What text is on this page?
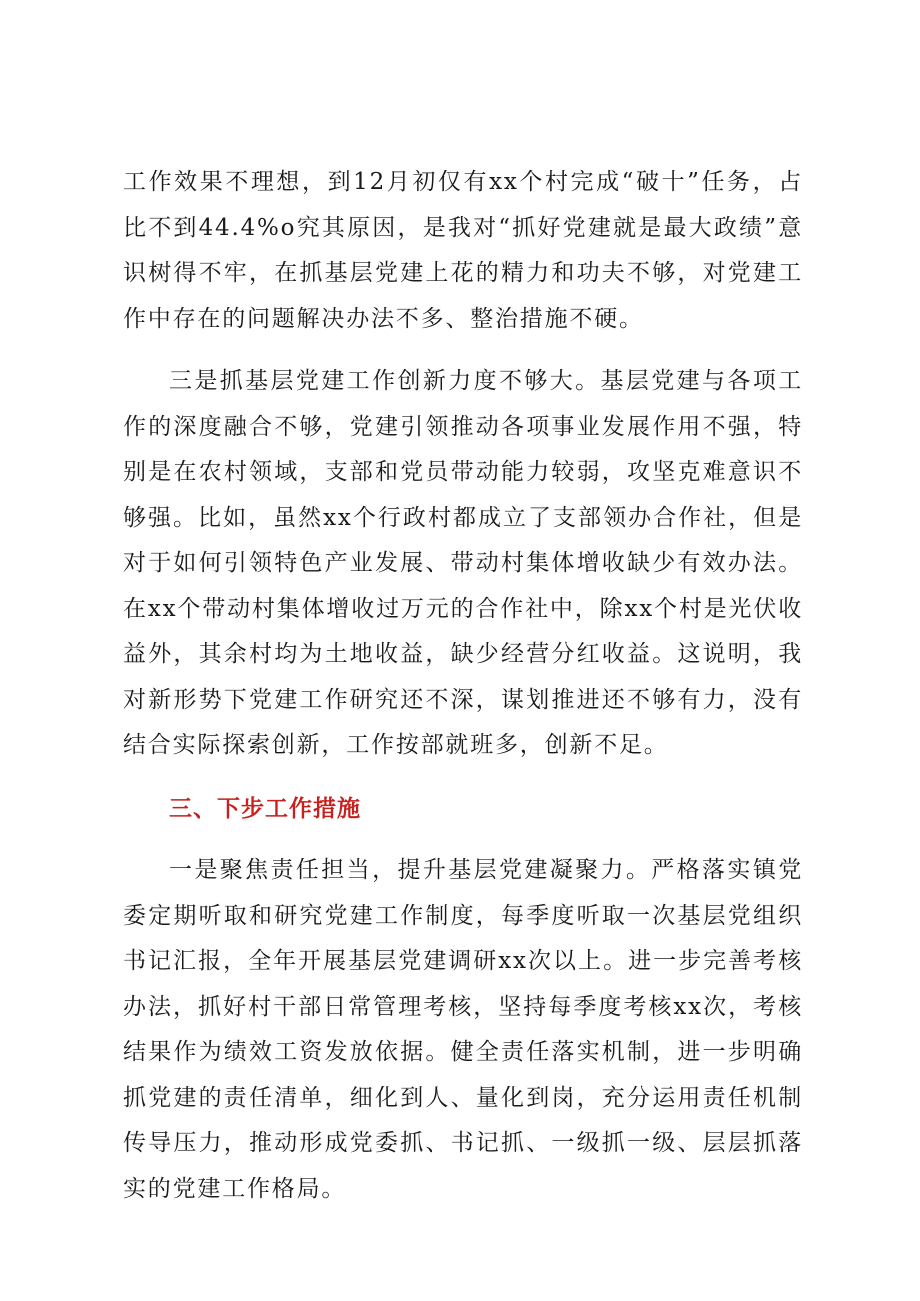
工作效果不理想，到12月初仅有xx个村完成“破十”任务，占比不到44.4%o究其原因，是我对“抓好党建就是最大政绩”意识树得不牢，在抓基层党建上花的精力和功夫不够，对党建工作中存在的问题解决办法不多、整治措施不硬。

三是抓基层党建工作创新力度不够大。基层党建与各项工作的深度融合不够，党建引领推动各项事业发展作用不强，特别是在农村领域，支部和党员带动能力较弱，攻坚克难意识不够强。比如，虽然xx个行政村都成立了支部领办合作社，但是对于如何引领特色产业发展、带动村集体增收缺少有效办法。在xx个带动村集体增收过万元的合作社中，除xx个村是光伏收益外，其余村均为土地收益，缺少经营分红收益。这说明，我对新形势下党建工作研究还不深，谋划推进还不够有力，没有结合实际探索创新，工作按部就班多，创新不足。

三、下步工作措施

一是聚焦责任担当，提升基层党建凝聚力。严格落实镇党委定期听取和研究党建工作制度，每季度听取一次基层党组织书记汇报，全年开展基层党建调研xx次以上。进一步完善考核办法，抓好村干部日常管理考核，坚持每季度考核xx次，考核结果作为绩效工资发放依据。健全责任落实机制，进一步明确抓党建的责任清单，细化到人、量化到岗，充分运用责任机制传导压力，推动形成党委抓、书记抓、一级抓一级、层层抓落实的党建工作格局。
